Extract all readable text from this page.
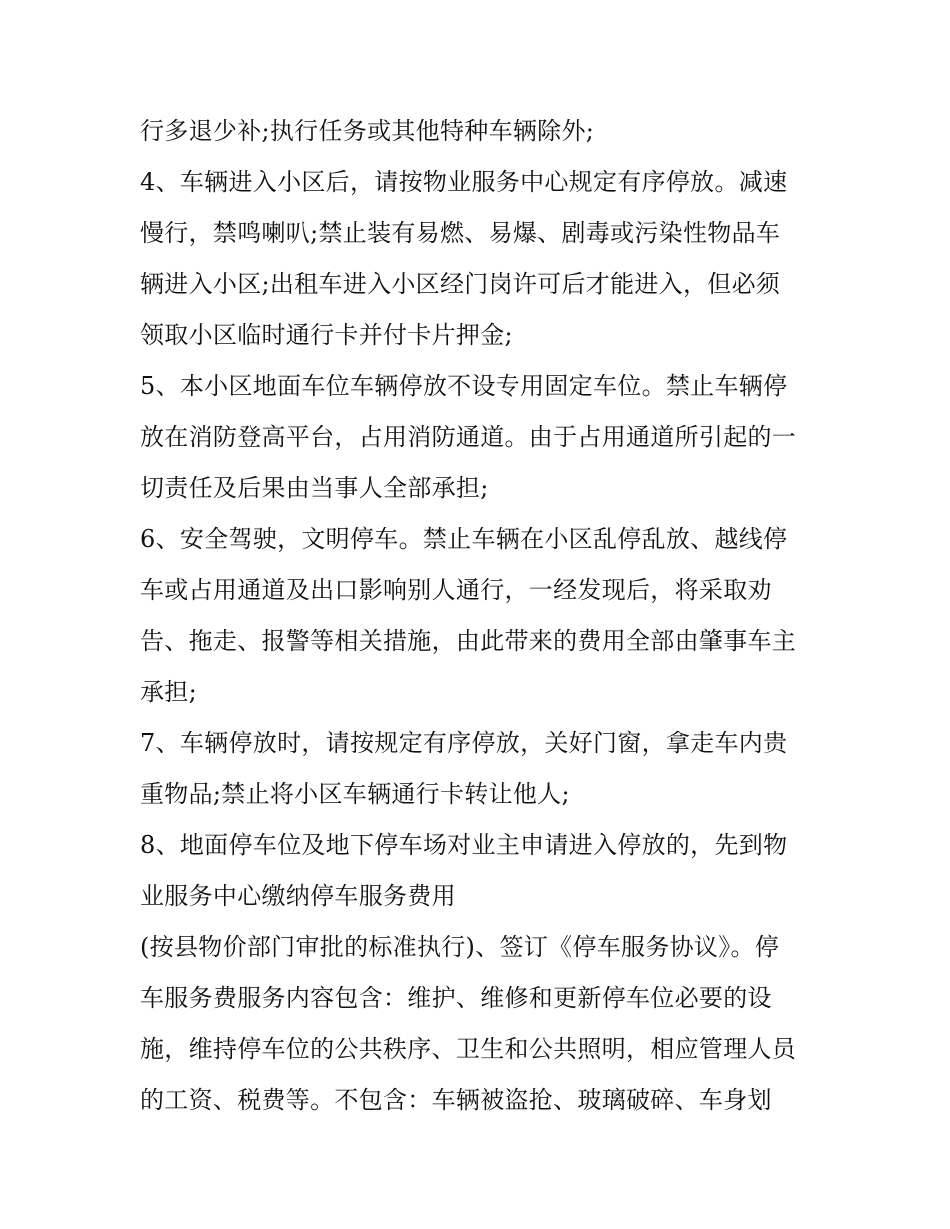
行多退少补;执行任务或其他特种车辆除外;
4、车辆进入小区后，请按物业服务中心规定有序停放。减速
慢行，禁鸣喇叭;禁止装有易燃、易爆、剧毒或污染性物品车
辆进入小区;出租车进入小区经门岗许可后才能进入，但必须
领取小区临时通行卡并付卡片押金;
5、本小区地面车位车辆停放不设专用固定车位。禁止车辆停
放在消防登高平台，占用消防通道。由于占用通道所引起的一
切责任及后果由当事人全部承担;
6、安全驾驶，文明停车。禁止车辆在小区乱停乱放、越线停
车或占用通道及出口影响别人通行，一经发现后，将采取劝
告、拖走、报警等相关措施，由此带来的费用全部由肇事车主
承担;
7、车辆停放时，请按规定有序停放，关好门窗，拿走车内贵
重物品;禁止将小区车辆通行卡转让他人;
8、地面停车位及地下停车场对业主申请进入停放的，先到物
业服务中心缴纳停车服务费用
(按县物价部门审批的标准执行)、签订《停车服务协议》。停
车服务费服务内容包含：维护、维修和更新停车位必要的设
施，维持停车位的公共秩序、卫生和公共照明，相应管理人员
的工资、税费等。不包含：车辆被盗抢、玻璃破碎、车身划
